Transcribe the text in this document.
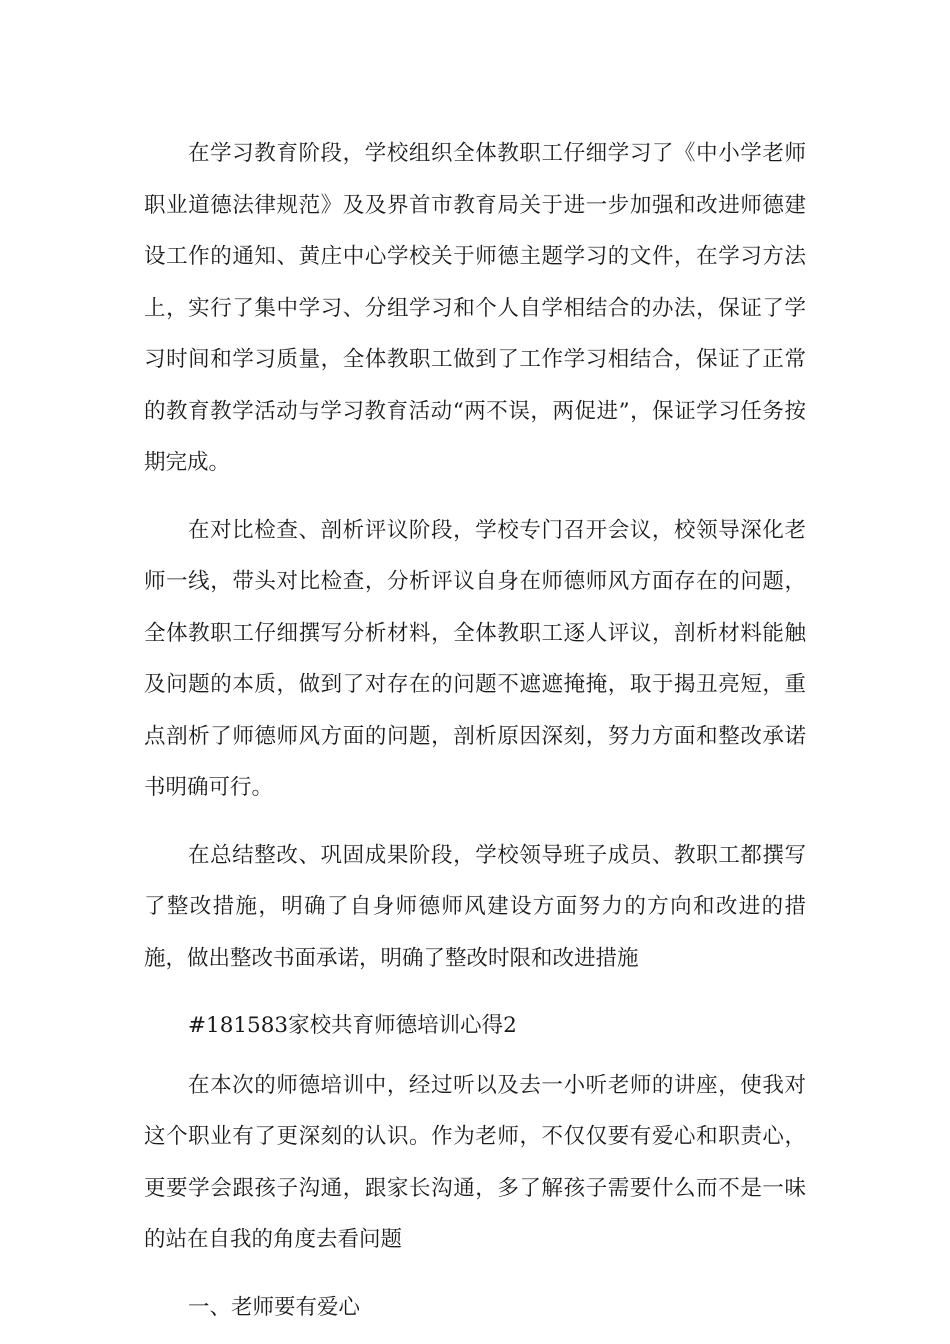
在学习教育阶段，学校组织全体教职工仔细学习了《中小学老师职业道德法律规范》及及界首市教育局关于进一步加强和改进师德建设工作的通知、黄庄中心学校关于师德主题学习的文件，在学习方法上，实行了集中学习、分组学习和个人自学相结合的办法，保证了学习时间和学习质量，全体教职工做到了工作学习相结合，保证了正常的教育教学活动与学习教育活动“两不误，两促进”，保证学习任务按期完成。

在对比检查、剖析评议阶段，学校专门召开会议，校领导深化老师一线，带头对比检查，分析评议自身在师德师风方面存在的问题，全体教职工仔细撰写分析材料，全体教职工逐人评议，剖析材料能触及问题的本质，做到了对存在的问题不遮遮掩掩，取于揭丑亮短，重点剖析了师德师风方面的问题，剖析原因深刻，努力方面和整改承诺书明确可行。

在总结整改、巩固成果阶段，学校领导班子成员、教职工都撰写了整改措施，明确了自身师德师风建设方面努力的方向和改进的措施，做出整改书面承诺，明确了整改时限和改进措施

#181583家校共育师德培训心得2

在本次的师德培训中，经过听以及去一小听老师的讲座，使我对这个职业有了更深刻的认识。作为老师，不仅仅要有爱心和职责心，更要学会跟孩子沟通，跟家长沟通，多了解孩子需要什么而不是一味的站在自我的角度去看问题

一、老师要有爱心
